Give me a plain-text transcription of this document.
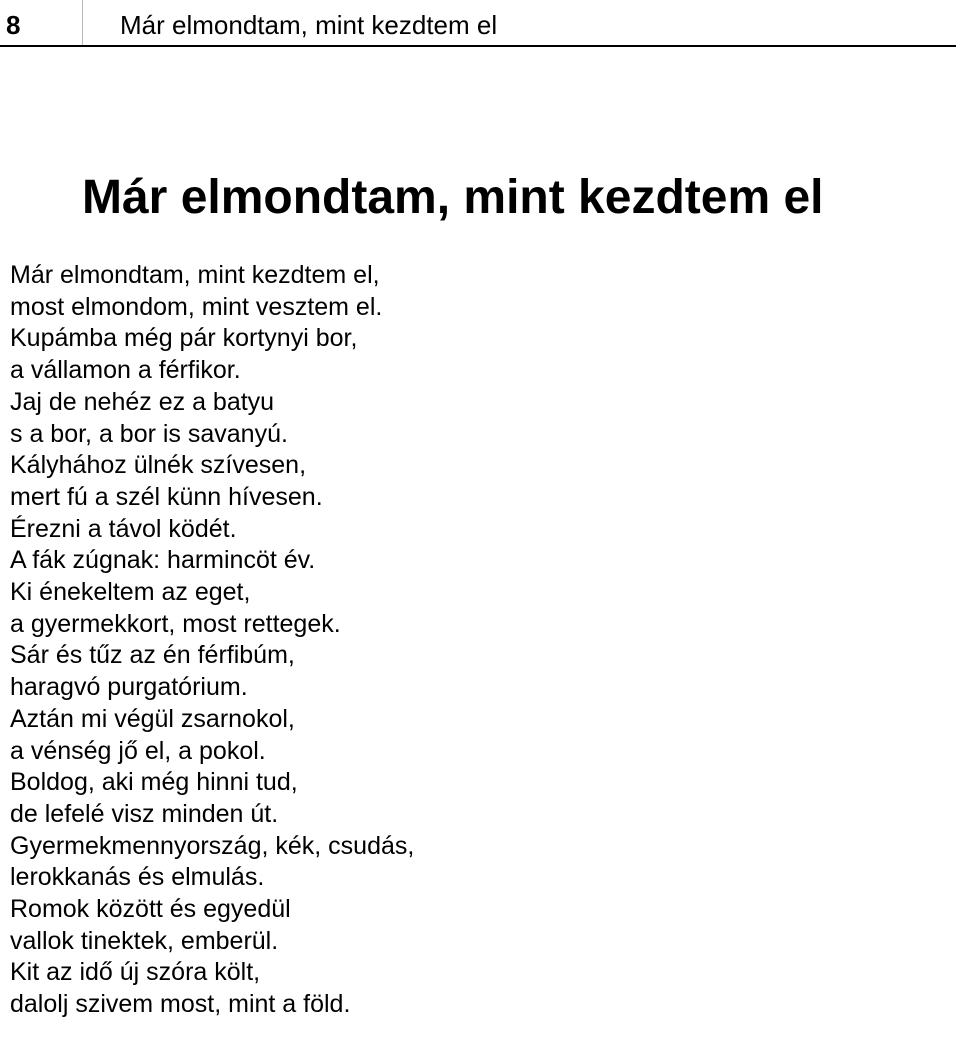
8	Már elmondtam, mint kezdtem el
Már elmondtam, mint kezdtem el
Már elmondtam, mint kezdtem el,
most elmondom, mint vesztem el.
Kupámba még pár kortynyi bor,
a vállamon a férfikor.
Jaj de nehéz ez a batyu
s a bor, a bor is savanyú.
Kályhához ülnék szívesen,
mert fú a szél künn hívesen.
Érezni a távol ködét.
A fák zúgnak: harmincöt év.
Ki énekeltem az eget,
a gyermekkort, most rettegek.
Sár és tűz az én férfibúm,
haragvó purgatórium.
Aztán mi végül zsarnokol,
a vénség jő el, a pokol.
Boldog, aki még hinni tud,
de lefelé visz minden út.
Gyermekmennyország, kék, csudás,
lerokkanás és elmulás.
Romok között és egyedül
vallok tinektek, emberül.
Kit az idő új szóra költ,
dalolj szivem most, mint a föld.
